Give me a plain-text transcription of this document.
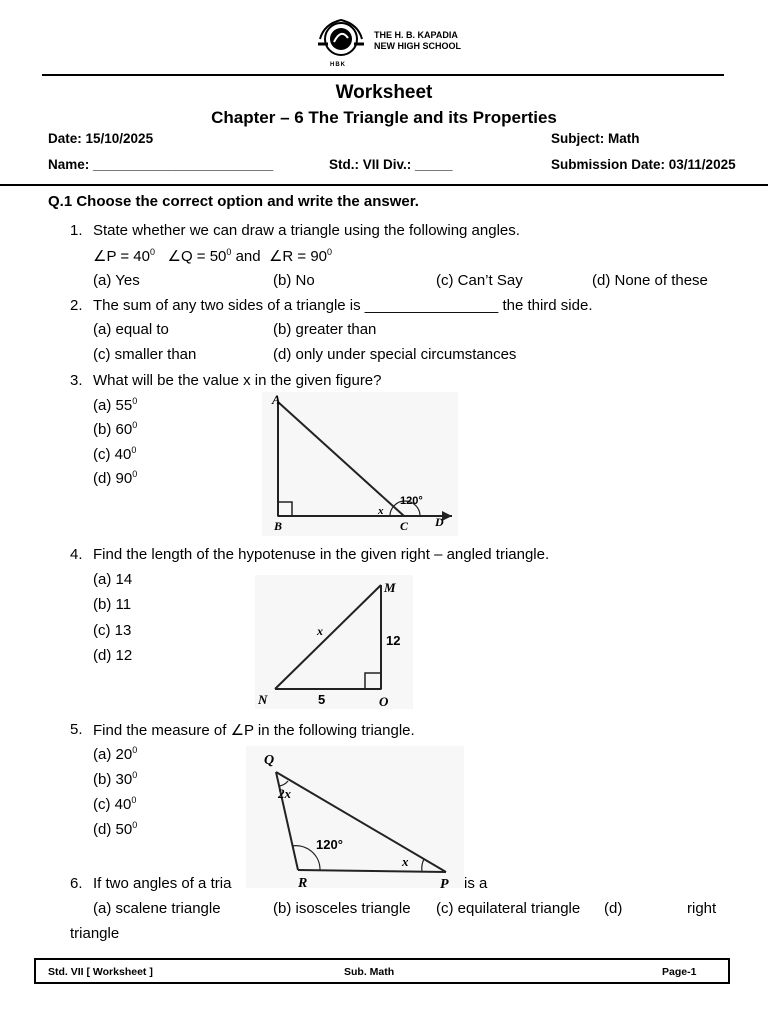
THE H. B. KAPADIA
NEW HIGH SCHOOL
HBK
Worksheet
Chapter – 6 The Triangle and its Properties
Date: 15/10/2025	Subject: Math
Name: ________________________	Std.: VII Div.: _____	Submission Date: 03/11/2025
Q.1 Choose the correct option and write the answer.
1. State whether we can draw a triangle using the following angles.
∠P = $40^0$ ∠Q = $50^0$ and ∠R = $90^0$
(a) Yes	(b) No	(c) Can’t Say	(d) None of these
2. The sum of any two sides of a triangle is ________________ the third side.
(a) equal to	(b) greater than
(c) smaller than	(d) only under special circumstances
3. What will be the value x in the given figure?
(a) $55^0$
(b) $60^0$
(c) $40^0$
(d) $90^0$
A
B	C D
x
120°
4. Find the length of the hypotenuse in the given right – angled triangle.
(a) 14
(b) 11
(c) 13
(d) 12
M
N	O
x
12
5
5. Find the measure of ∠P in the following triangle.
(a) $20^0$
(b) $30^0$
(c) $40^0$
(d) $50^0$
Q
R	P
2x
120°
x
6. If two angles of a tria	is a
(a) scalene triangle	(b) isosceles triangle (c) equilateral triangle (d)	right
triangle
Std. VII [ Worksheet ]	Sub. Math	Page-1
